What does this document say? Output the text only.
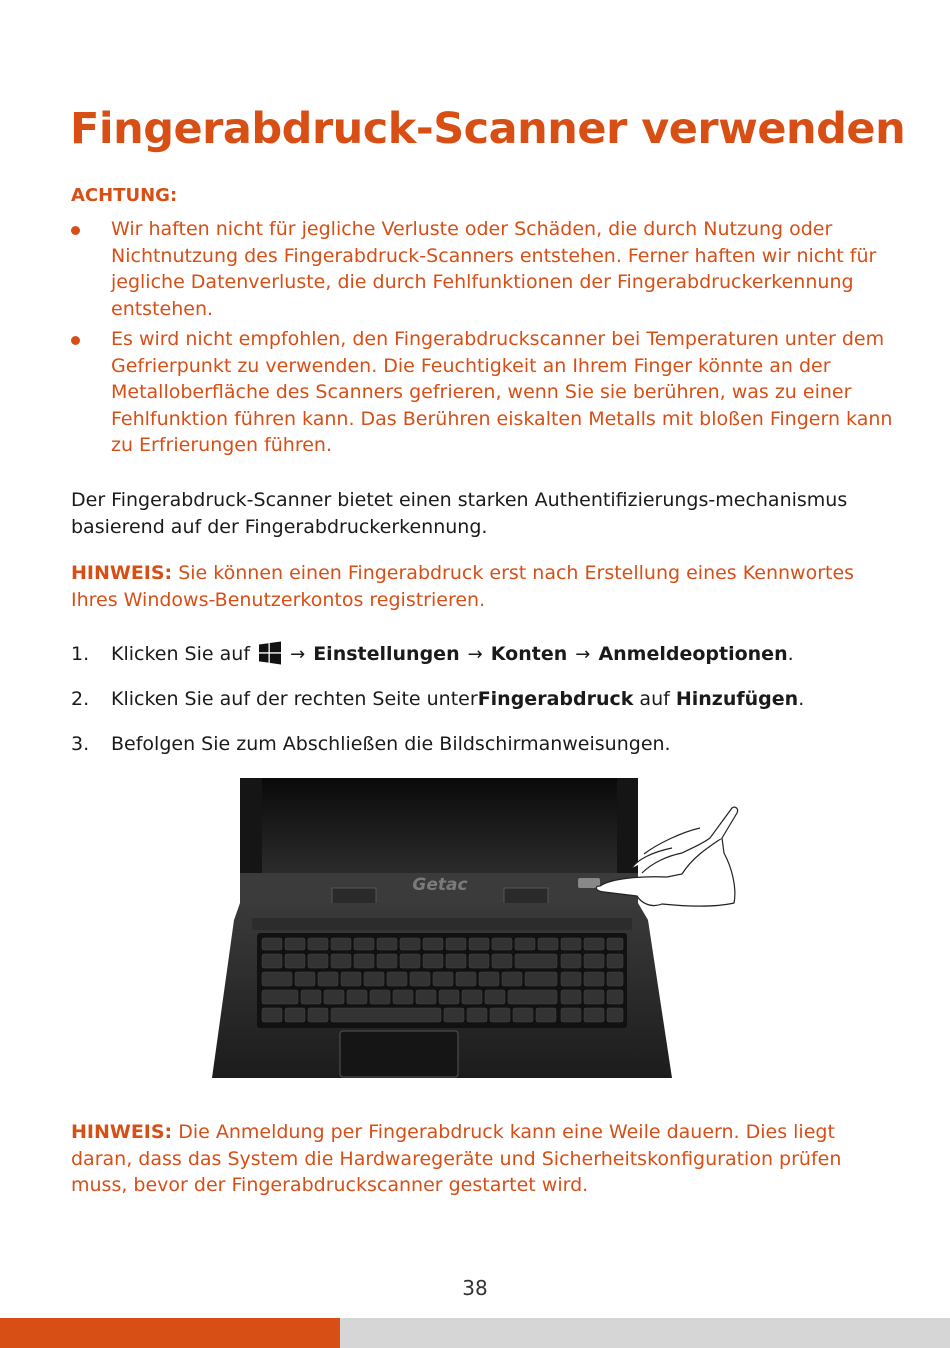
Fingerabdruck-Scanner verwenden
ACHTUNG:
Wir haften nicht für jegliche Verluste oder Schäden, die durch Nutzung oder Nichtnutzung des Fingerabdruck-Scanners entstehen. Ferner haften wir nicht für jegliche Datenverluste, die durch Fehlfunktionen der Fingerabdruckerkennung entstehen.
Es wird nicht empfohlen, den Fingerabdruckscanner bei Temperaturen unter dem Gefrierpunkt zu verwenden. Die Feuchtigkeit an Ihrem Finger könnte an der Metalloberfläche des Scanners gefrieren, wenn Sie sie berühren, was zu einer Fehlfunktion führen kann. Das Berühren eiskalten Metalls mit bloßen Fingern kann zu Erfrierungen führen.

Der Fingerabdruck-Scanner bietet einen starken Authentifizierungs-mechanismus basierend auf der Fingerabdruckerkennung.

HINWEIS: Sie können einen Fingerabdruck erst nach Erstellung eines Kennwortes Ihres Windows-Benutzerkontos registrieren.

1. Klicken Sie auf → Einstellungen → Konten → Anmeldeoptionen.
2. Klicken Sie auf der rechten Seite unterFingerabdruck auf Hinzufügen.
3. Befolgen Sie zum Abschließen die Bildschirmanweisungen.
Getac

HINWEIS: Die Anmeldung per Fingerabdruck kann eine Weile dauern. Dies liegt daran, dass das System die Hardwaregeräte und Sicherheitskonfiguration prüfen muss, bevor der Fingerabdruckscanner gestartet wird.

38
